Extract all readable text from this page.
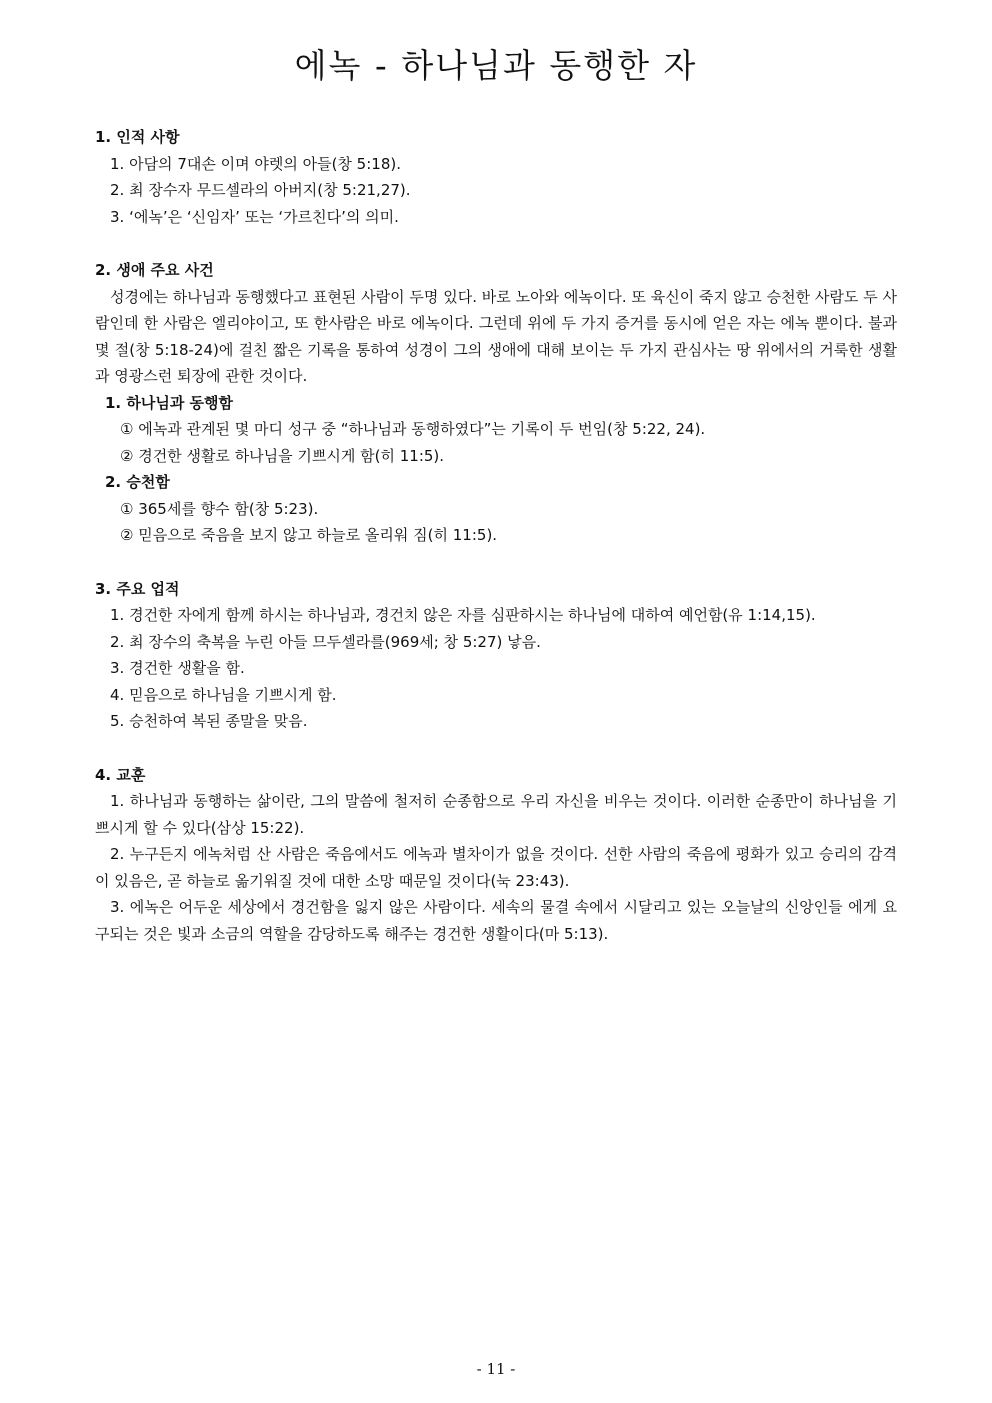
에녹 - 하나님과 동행한 자

1. 인적 사항

1. 아담의 7대손 이며 야렛의 아들(창 5:18).

2. 최 장수자 무드셀라의 아버지(창 5:21,27).

3. ‘에녹’은 ‘신임자’ 또는 ‘가르친다’의 의미.

2. 생애 주요 사건

성경에는 하나님과 동행했다고 표현된 사람이 두명 있다. 바로 노아와 에녹이다. 또 육신이 죽지 않고 승천한 사람도 두 사람인데 한 사람은 엘리야이고, 또 한사람은 바로 에녹이다. 그런데 위에 두 가지 증거를 동시에 얻은 자는 에녹 뿐이다. 불과 몇 절(창 5:18-24)에 걸친 짧은 기록을 통하여 성경이 그의 생애에 대해 보이는 두 가지 관심사는 땅 위에서의 거룩한 생활과 영광스런 퇴장에 관한 것이다.

1. 하나님과 동행함

① 에녹과 관계된 몇 마디 성구 중 “하나님과 동행하였다”는 기록이 두 번임(창 5:22, 24).

② 경건한 생활로 하나님을 기쁘시게 함(히 11:5).

2. 승천함

① 365세를 향수 함(창 5:23).

② 믿음으로 죽음을 보지 않고 하늘로 올리워 짐(히 11:5).

3. 주요 업적

1. 경건한 자에게 함께 하시는 하나님과, 경건치 않은 자를 심판하시는 하나님에 대하여 예언함(유 1:14,15).

2. 최 장수의 축복을 누린 아들 므두셀라를(969세; 창 5:27) 낳음.

3. 경건한 생활을 함.

4. 믿음으로 하나님을 기쁘시게 함.

5. 승천하여 복된 종말을 맞음.

4. 교훈

1. 하나님과 동행하는 삶이란, 그의 말씀에 철저히 순종함으로 우리 자신을 비우는 것이다. 이러한 순종만이 하나님을 기쁘시게 할 수 있다(삼상 15:22).

2. 누구든지 에녹처럼 산 사람은 죽음에서도 에녹과 별차이가 없을 것이다. 선한 사람의 죽음에 평화가 있고 승리의 감격이 있음은, 곧 하늘로 옮기워질 것에 대한 소망 때문일 것이다(눅 23:43).

3. 에녹은 어두운 세상에서 경건함을 잃지 않은 사람이다. 세속의 물결 속에서 시달리고 있는 오늘날의 신앙인들 에게 요구되는 것은 빛과 소금의 역할을 감당하도록 해주는 경건한 생활이다(마 5:13).

- 11 -
